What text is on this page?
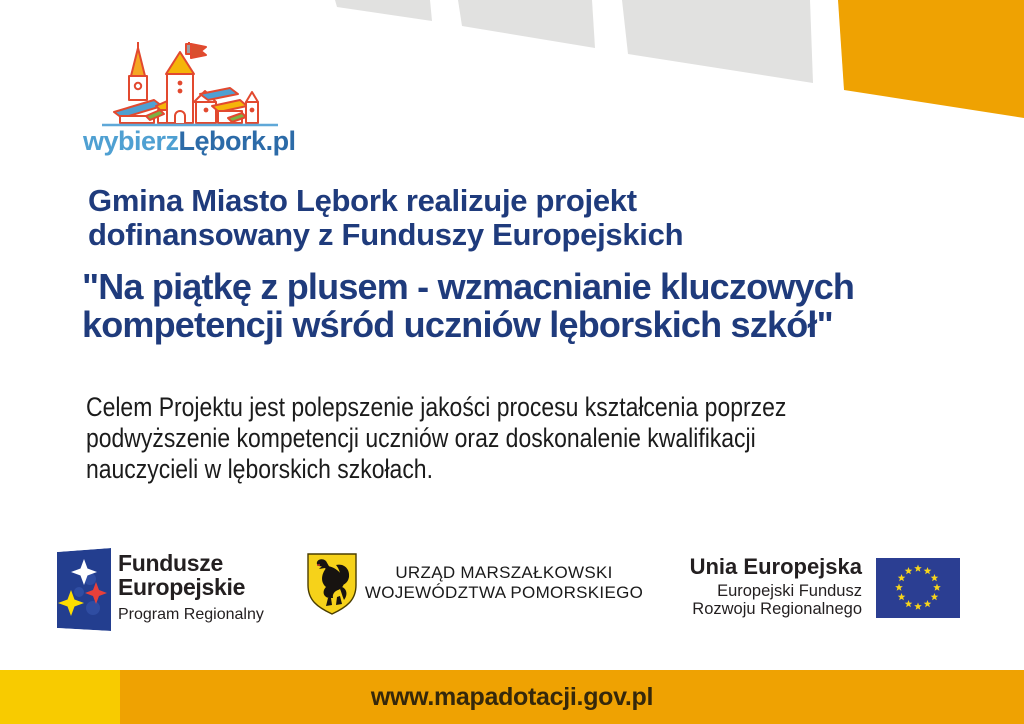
wybierzLębork.pl
Gmina Miasto Lębork realizuje projekt
dofinansowany z Funduszy Europejskich
"Na piątkę z plusem - wzmacnianie kluczowych
kompetencji wśród uczniów lęborskich szkół"
Celem Projektu jest polepszenie jakości procesu kształcenia poprzez
podwyższenie kompetencji uczniów oraz doskonalenie kwalifikacji
nauczycieli w lęborskich szkołach.
Fundusze
Europejskie
Program Regionalny
URZĄD MARSZAŁKOWSKI
WOJEWÓDZTWA POMORSKIEGO
Unia Europejska
Europejski Fundusz
Rozwoju Regionalnego
www.mapadotacji.gov.pl
